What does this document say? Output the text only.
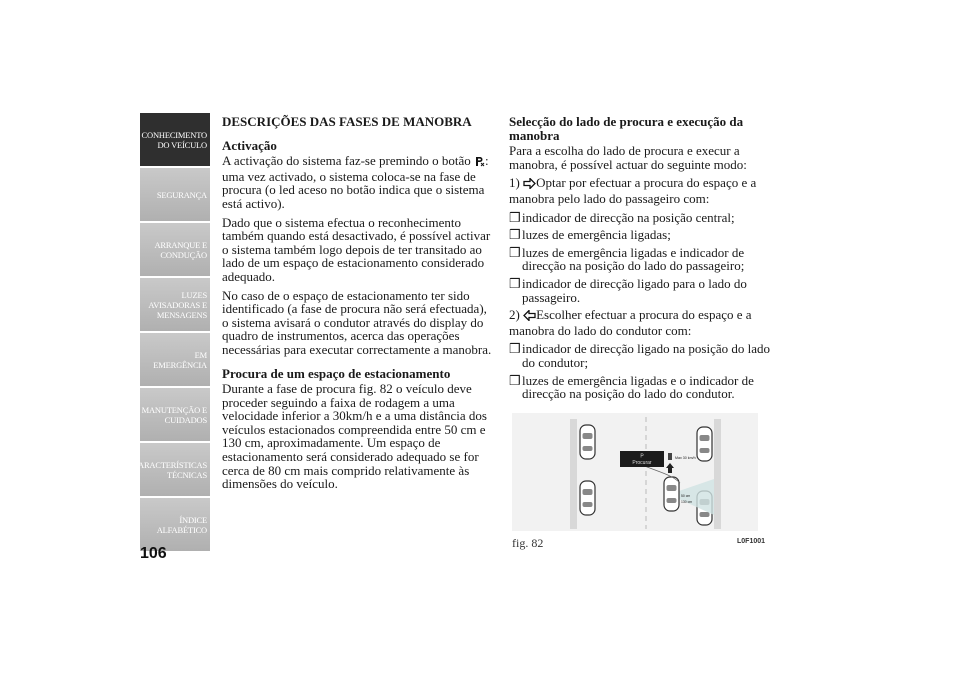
CONHECIMENTO
DO VEÍCULO
SEGURANÇA
ARRANQUE E
CONDUÇÃO
LUZES
AVISADORAS E
MENSAGENS
EM EMERGÊNCIA
MANUTENÇÃO E
CUIDADOS
CARACTERÍSTICAS
TÉCNICAS
ÍNDICE
ALFABÉTICO
106
DESCRIÇÕES DAS FASES DE MANOBRA
Activação

A activação do sistema faz-se premindo o botão : uma vez activado, o sistema coloca-se na fase de procura (o led aceso no botão indica que o sistema está activo).

Dado que o sistema efectua o reconhecimento também quando está desactivado, é possível activar o sistema também logo depois de ter transitado ao lado de um espaço de estacionamento considerado adequado.

No caso de o espaço de estacionamento ter sido identificado (a fase de procura não será efectuada), o sistema avisará o condutor através do display do quadro de instrumentos, acerca das operações necessárias para executar correctamente a manobra.

Procura de um espaço de estacionamento

Durante a fase de procura fig. 82 o veículo deve proceder seguindo a faixa de rodagem a uma velocidade inferior a 30km/h e a uma distância dos veículos estacionados compreendida entre 50 cm e 130 cm, aproximadamente. Um espaço de estacionamento será considerado adequado se for cerca de 80 cm mais comprido relativamente às dimensões do veículo.

Selecção do lado de procura e execução da manobra

Para a escolha do lado de procura e execur a manobra, é possível actuar do seguinte modo:

1) Optar por efectuar a procura do espaço e a manobra pelo lado do passageiro com:

❒indicador de direcção na posição central;
❒luzes de emergência ligadas;
❒luzes de emergência ligadas e indicador de direcção na posição do lado do passageiro;
❒indicador de direcção ligado para o lado do passageiro.

2) Escolher efectuar a procura do espaço e a manobra do lado do condutor com:

❒indicador de direcção ligado na posição do lado do condutor;
❒luzes de emergência ligadas e o indicador de direcção na posição do lado do condutor.
P
Procurar
Max 30 km/h
50 cm
130 cm
fig. 82	L0F1001
